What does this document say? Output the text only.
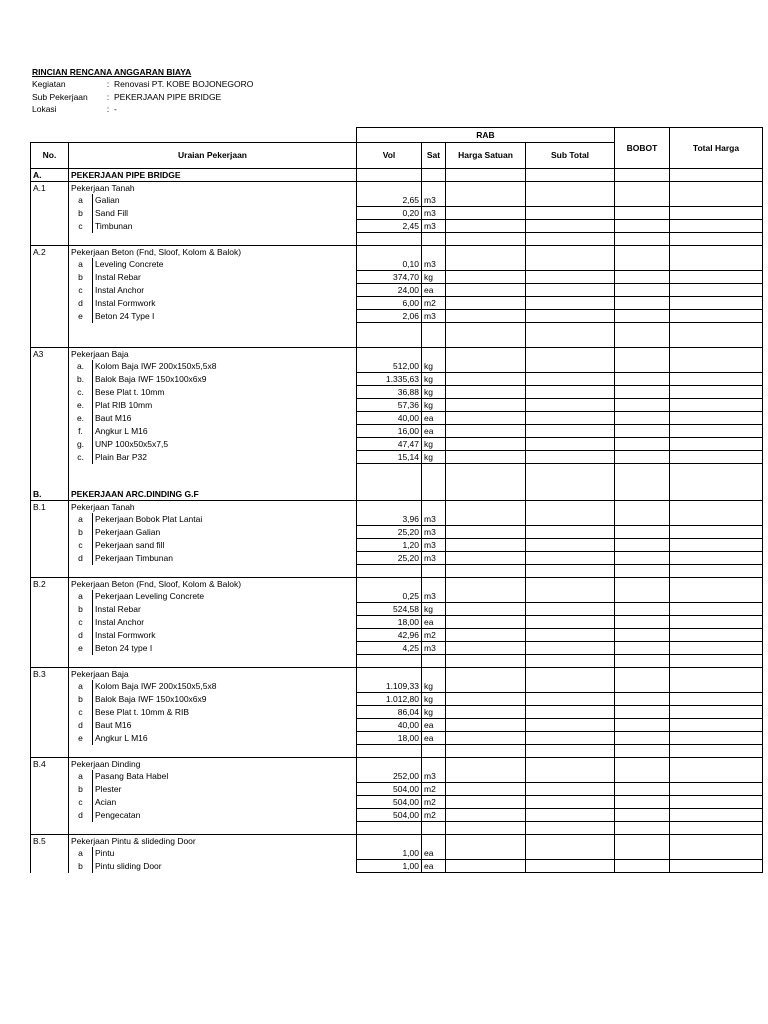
RINCIAN RENCANA ANGGARAN BIAYA
Kegiatan	: Renovasi PT. KOBE BOJONEGORO
Sub Pekerjaan : PEKERJAAN PIPE BRIDGE
Lokasi	: -
			RAB				BOBOT	Total Harga
No.	Uraian Pekerjaan		Vol	Sat	Harga Satuan	Sub Total		
A.	PEKERJAAN PIPE BRIDGE							
A.1	Pekerjaan Tanah							
	a	Galian	2,65	m3				
	b	Sand Fill	0,20	m3				
	c	Timbunan	2,45	m3				

A.2	Pekerjaan Beton (Fnd, Sloof, Kolom & Balok)							
	a	Leveling Concrete	0,10	m3				
	b	Instal Rebar	374,70	kg				
	c	Instal Anchor	24,00	ea				
	d	Instal Formwork	6,00	m2				
	e	Beton 24 Type I	2,06	m3				

A3	Pekerjaan Baja							
	a.	Kolom Baja IWF 200x150x5,5x8	512,00	kg				
	b.	Balok Baja IWF 150x100x6x9	1.335,63	kg				
	c.	Bese Plat t. 10mm	36,88	kg				
	e.	Plat RIB 10mm	57,36	kg				
	e.	Baut M16	40,00	ea				
	f.	Angkur L M16	16,00	ea				
	g.	UNP 100x50x5x7,5	47,47	kg				
	c.	Plain Bar P32	15,14	kg				

B.	PEKERJAAN ARC.DINDING G.F							
B.1	Pekerjaan Tanah							
	a	Pekerjaan Bobok Plat Lantai	3,96	m3				
	b	Pekerjaan Galian	25,20	m3				
	c	Pekerjaan sand fill	1,20	m3				
	d	Pekerjaan Timbunan	25,20	m3				

B.2	Pekerjaan Beton (Fnd, Sloof, Kolom & Balok)							
	a	Pekerjaan Leveling Concrete	0,25	m3				
	b	Instal Rebar	524,58	kg				
	c	Instal Anchor	18,00	ea				
	d	Instal Formwork	42,96	m2				
	e	Beton 24 type I	4,25	m3				

B.3	Pekerjaan Baja							
	a	Kolom Baja IWF 200x150x5,5x8	1.109,33	kg				
	b	Balok Baja IWF 150x100x6x9	1.012,80	kg				
	c	Bese Plat t. 10mm & RIB	86,04	kg				
	d	Baut M16	40,00	ea				
	e	Angkur L M16	18,00	ea				

B.4	Pekerjaan Dinding							
	a	Pasang Bata Habel	252,00	m3				
	b	Plester	504,00	m2				
	c	Acian	504,00	m2				
	d	Pengecatan	504,00	m2				

B.5	Pekerjaan Pintu & slideding Door							
	a	Pintu	1,00	ea				
	b	Pintu sliding Door	1,00	ea				
